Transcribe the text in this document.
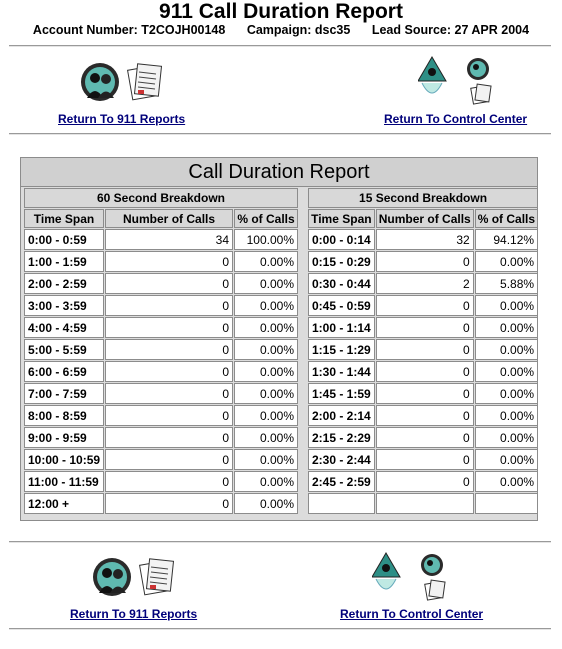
911 Call Duration Report
Account Number: T2COJH00148 Campaign: dsc35 Lead Source: 27 APR 2004
Return To 911 Reports	Return To Control Center
Call Duration Report
60 Second Breakdown		
Time Span	Number of Calls	% of Calls
0:00 - 0:59	34	100.00%
1:00 - 1:59	0	0.00%
2:00 - 2:59	0	0.00%
3:00 - 3:59	0	0.00%
4:00 - 4:59	0	0.00%
5:00 - 5:59	0	0.00%
6:00 - 6:59	0	0.00%
7:00 - 7:59	0	0.00%
8:00 - 8:59	0	0.00%
9:00 - 9:59	0	0.00%
10:00 - 10:59	0	0.00%
11:00 - 11:59	0	0.00%
12:00 +	0	0.00%
15 Second Breakdown		
Time Span	Number of Calls	% of Calls
0:00 - 0:14	32	94.12%
0:15 - 0:29	0	0.00%
0:30 - 0:44	2	5.88%
0:45 - 0:59	0	0.00%
1:00 - 1:14	0	0.00%
1:15 - 1:29	0	0.00%
1:30 - 1:44	0	0.00%
1:45 - 1:59	0	0.00%
2:00 - 2:14	0	0.00%
2:15 - 2:29	0	0.00%
2:30 - 2:44	0	0.00%
2:45 - 2:59	0	0.00%

Return To 911 Reports	Return To Control Center
